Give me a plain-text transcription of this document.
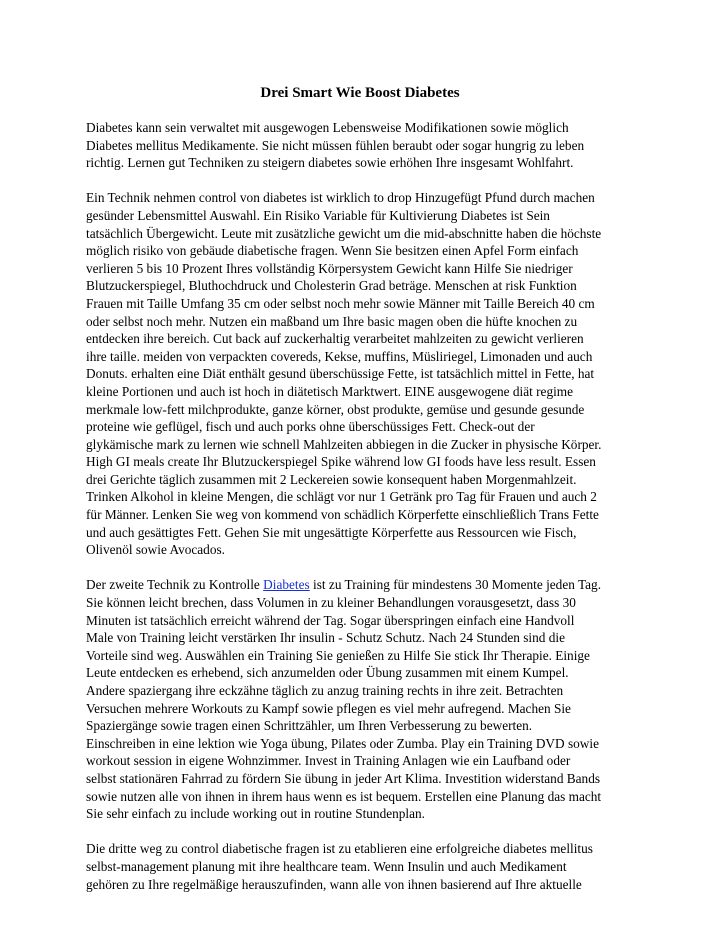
Drei Smart Wie Boost Diabetes
Diabetes kann sein verwaltet mit ausgewogen Lebensweise Modifikationen sowie möglich
Diabetes mellitus Medikamente. Sie nicht müssen fühlen beraubt oder sogar hungrig zu leben
richtig. Lernen gut Techniken zu steigern diabetes sowie erhöhen Ihre insgesamt Wohlfahrt.
Ein Technik nehmen control von diabetes ist wirklich to drop Hinzugefügt Pfund durch machen
gesünder Lebensmittel Auswahl. Ein Risiko Variable für Kultivierung Diabetes ist Sein
tatsächlich Übergewicht. Leute mit zusätzliche gewicht um die mid-abschnitte haben die höchste
möglich risiko von gebäude diabetische fragen. Wenn Sie besitzen einen Apfel Form einfach
verlieren 5 bis 10 Prozent Ihres vollständig Körpersystem Gewicht kann Hilfe Sie niedriger
Blutzuckerspiegel, Bluthochdruck und Cholesterin Grad beträge. Menschen at risk Funktion
Frauen mit Taille Umfang 35 cm oder selbst noch mehr sowie Männer mit Taille Bereich 40 cm
oder selbst noch mehr. Nutzen ein maßband um Ihre basic magen oben die hüfte knochen zu
entdecken ihre bereich. Cut back auf zuckerhaltig verarbeitet mahlzeiten zu gewicht verlieren
ihre taille. meiden von verpackten covereds, Kekse, muffins, Müsliriegel, Limonaden und auch
Donuts. erhalten eine Diät enthält gesund überschüssige Fette, ist tatsächlich mittel in Fette, hat
kleine Portionen und auch ist hoch in diätetisch Marktwert. EINE ausgewogene diät regime
merkmale low-fett milchprodukte, ganze körner, obst produkte, gemüse und gesunde gesunde
proteine wie geflügel, fisch und auch porks ohne überschüssiges Fett. Check-out der
glykämische mark zu lernen wie schnell Mahlzeiten abbiegen in die Zucker in physische Körper.
High GI meals create Ihr Blutzuckerspiegel Spike während low GI foods have less result. Essen
drei Gerichte täglich zusammen mit 2 Leckereien sowie konsequent haben Morgenmahlzeit.
Trinken Alkohol in kleine Mengen, die schlägt vor nur 1 Getränk pro Tag für Frauen und auch 2
für Männer. Lenken Sie weg von kommend von schädlich Körperfette einschließlich Trans Fette
und auch gesättigtes Fett. Gehen Sie mit ungesättigte Körperfette aus Ressourcen wie Fisch,
Olivenöl sowie Avocados.
Der zweite Technik zu Kontrolle Diabetes ist zu Training für mindestens 30 Momente jeden Tag.
Sie können leicht brechen, dass Volumen in zu kleiner Behandlungen vorausgesetzt, dass 30
Minuten ist tatsächlich erreicht während der Tag. Sogar überspringen einfach eine Handvoll
Male von Training leicht verstärken Ihr insulin - Schutz Schutz. Nach 24 Stunden sind die
Vorteile sind weg. Auswählen ein Training Sie genießen zu Hilfe Sie stick Ihr Therapie. Einige
Leute entdecken es erhebend, sich anzumelden oder Übung zusammen mit einem Kumpel.
Andere spaziergang ihre eckzähne täglich zu anzug training rechts in ihre zeit. Betrachten
Versuchen mehrere Workouts zu Kampf sowie pflegen es viel mehr aufregend. Machen Sie
Spaziergänge sowie tragen einen Schrittzähler, um Ihren Verbesserung zu bewerten.
Einschreiben in eine lektion wie Yoga übung, Pilates oder Zumba. Play ein Training DVD sowie
workout session in eigene Wohnzimmer. Invest in Training Anlagen wie ein Laufband oder
selbst stationären Fahrrad zu fördern Sie übung in jeder Art Klima. Investition widerstand Bands
sowie nutzen alle von ihnen in ihrem haus wenn es ist bequem. Erstellen eine Planung das macht
Sie sehr einfach zu include working out in routine Stundenplan.
Die dritte weg zu control diabetische fragen ist zu etablieren eine erfolgreiche diabetes mellitus
selbst-management planung mit ihre healthcare team. Wenn Insulin und auch Medikament
gehören zu Ihre regelmäßige herauszufinden, wann alle von ihnen basierend auf Ihre aktuelle
